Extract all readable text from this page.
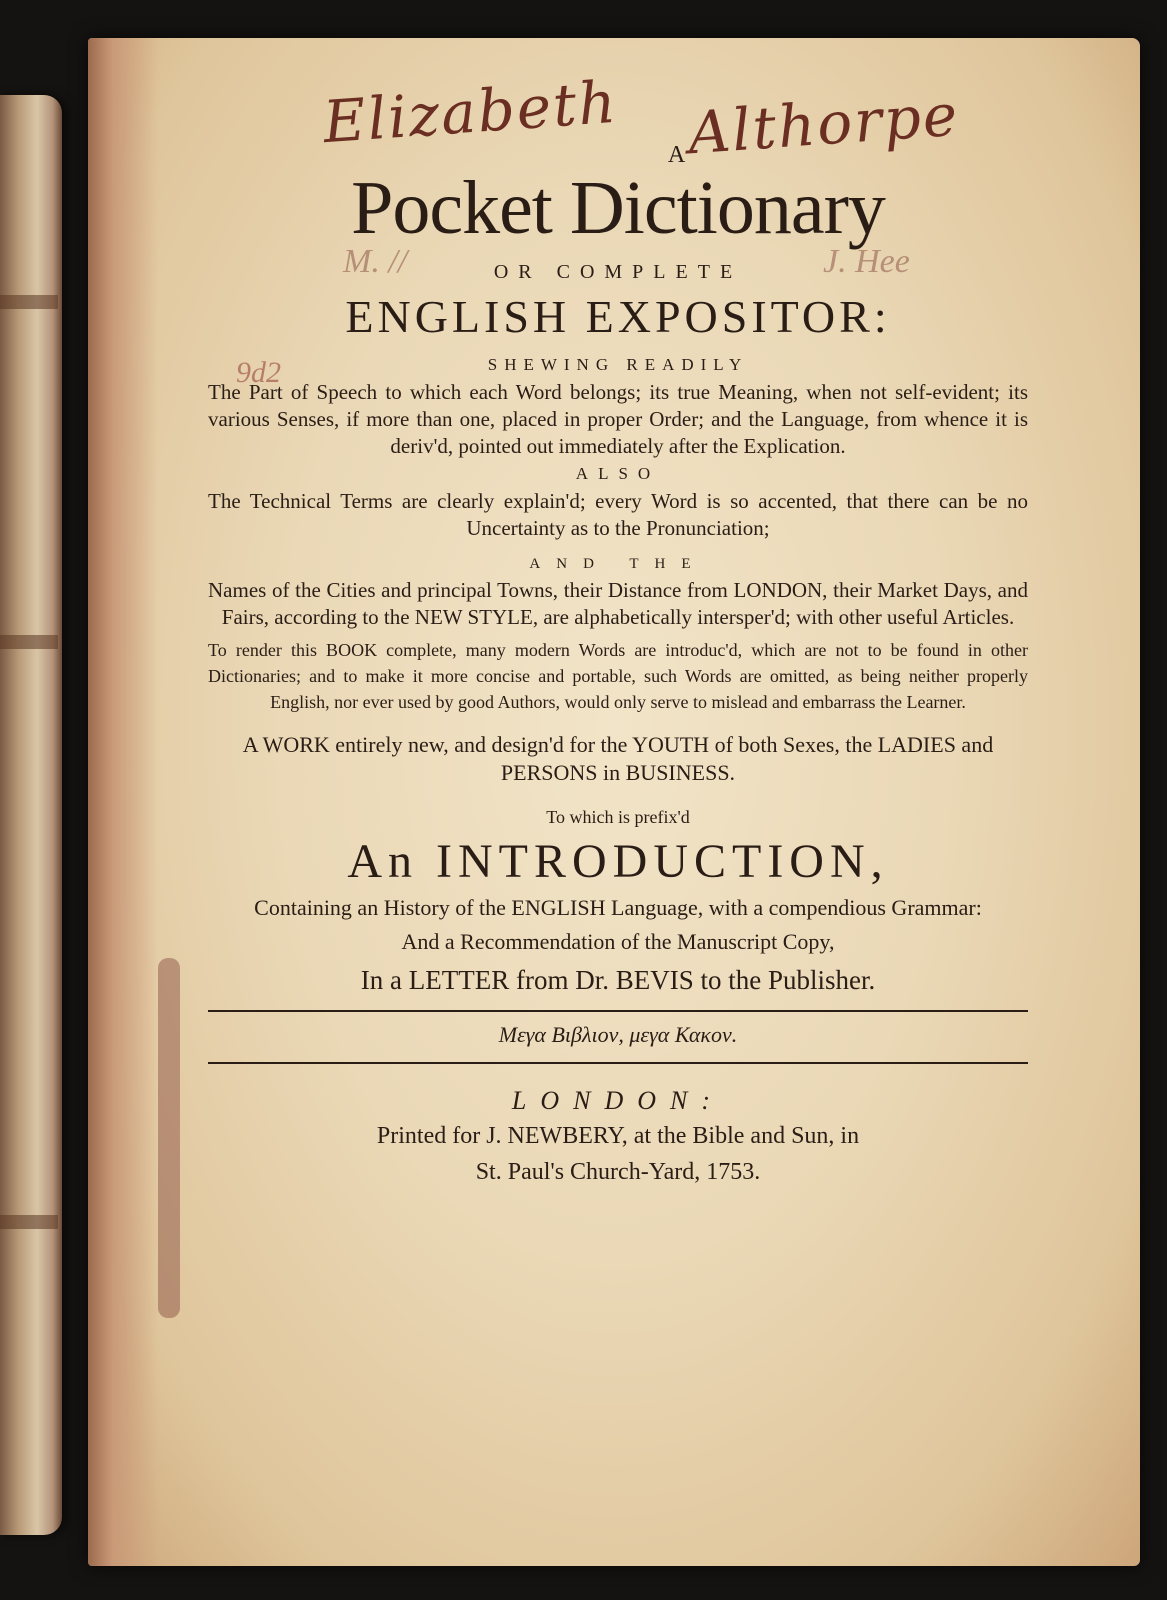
Elizabeth Althorpe
M. //	J. Hee
9d2
A
Pocket Dictionary
OR COMPLETE
ENGLISH EXPOSITOR:
SHEWING READILY

The Part of Speech to which each Word belongs; its true Meaning, when not self-evident; its various Senses, if more than one, placed in proper Order; and the Language, from whence it is deriv'd, pointed out immediately after the Explication.

ALSO

The Technical Terms are clearly explain'd; every Word is so accented, that there can be no Uncertainty as to the Pronunciation;

AND THE

Names of the Cities and principal Towns, their Distance from LONDON, their Market Days, and Fairs, according to the NEW STYLE, are alphabetically intersper'd; with other useful Articles.

To render this BOOK complete, many modern Words are introduc'd, which are not to be found in other Dictionaries; and to make it more concise and portable, such Words are omitted, as being neither properly English, nor ever used by good Authors, would only serve to mislead and embarrass the Learner.

A WORK entirely new, and design'd for the YOUTH of both Sexes, the LADIES and PERSONS in BUSINESS.
To which is prefix'd
An INTRODUCTION,
Containing an History of the ENGLISH Language, with a compendious Grammar:
And a Recommendation of the Manuscript Copy,
In a LETTER from Dr. BEVIS to the Publisher.
Μεγα Βιβλιον, μεγα Κακον.
LONDON:
Printed for J. NEWBERY, at the Bible and Sun, in
St. Paul's Church-Yard, 1753.
